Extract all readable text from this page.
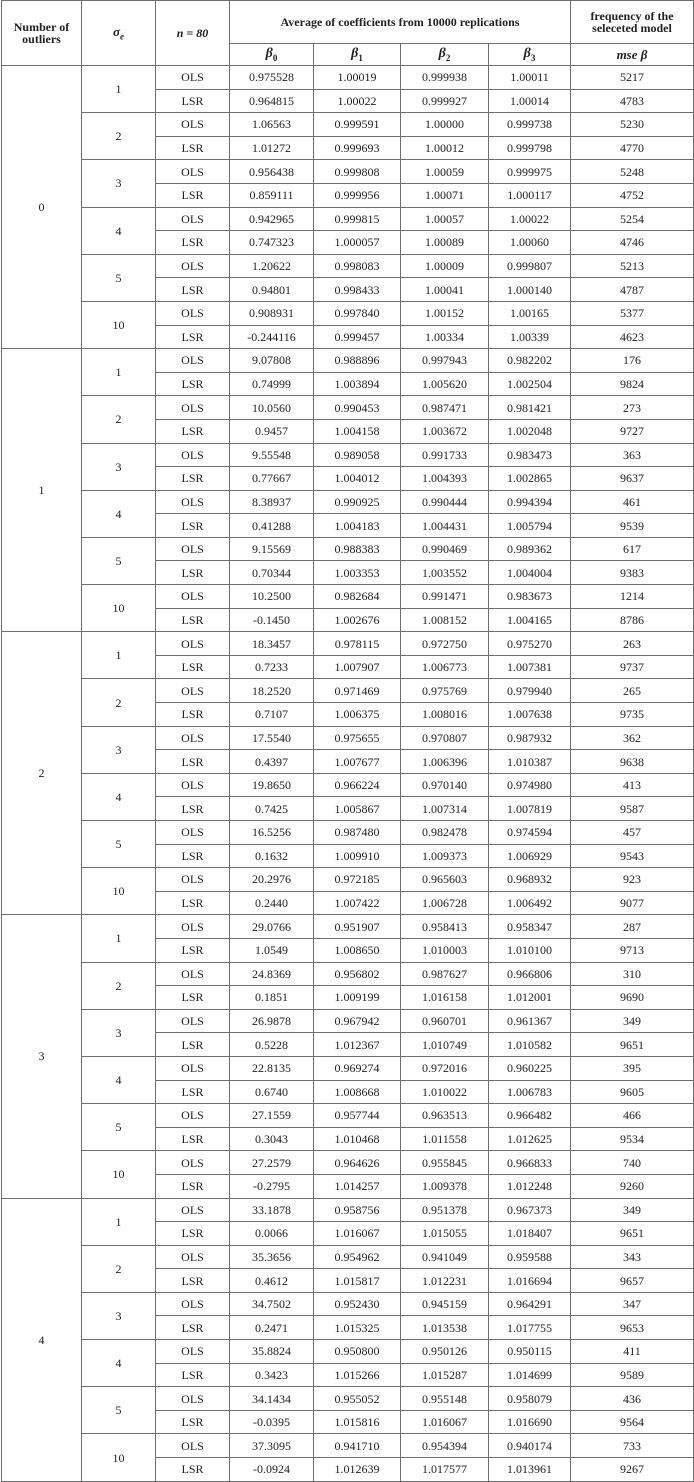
Number of outliers	$\sigma_e$	n = 80	Average of coefficients from 10000 replications				frequency of the seleceted model
			$\beta_0$	$\beta_1$	$\beta_2$	$\beta_3$	mse β
0	1	OLS	0.975528	1.00019	0.999938	1.00011	5217
		LSR	0.964815	1.00022	0.999927	1.00014	4783
	2	OLS	1.06563	0.999591	1.00000	0.999738	5230
		LSR	1.01272	0.999693	1.00012	0.999798	4770
	3	OLS	0.956438	0.999808	1.00059	0.999975	5248
		LSR	0.859111	0.999956	1.00071	1.000117	4752
	4	OLS	0.942965	0.999815	1.00057	1.00022	5254
		LSR	0.747323	1.000057	1.00089	1.00060	4746
	5	OLS	1.20622	0.998083	1.00009	0.999807	5213
		LSR	0.94801	0.998433	1.00041	1.000140	4787
	10	OLS	0.908931	0.997840	1.00152	1.00165	5377
		LSR	-0.244116	0.999457	1.00334	1.00339	4623
1	1	OLS	9.07808	0.988896	0.997943	0.982202	176
		LSR	0.74999	1.003894	1.005620	1.002504	9824
	2	OLS	10.0560	0.990453	0.987471	0.981421	273
		LSR	0.9457	1.004158	1.003672	1.002048	9727
	3	OLS	9.55548	0.989058	0.991733	0.983473	363
		LSR	0.77667	1.004012	1.004393	1.002865	9637
	4	OLS	8.38937	0.990925	0.990444	0.994394	461
		LSR	0.41288	1.004183	1.004431	1.005794	9539
	5	OLS	9.15569	0.988383	0.990469	0.989362	617
		LSR	0.70344	1.003353	1.003552	1.004004	9383
	10	OLS	10.2500	0.982684	0.991471	0.983673	1214
		LSR	-0.1450	1.002676	1.008152	1.004165	8786
2	1	OLS	18.3457	0.978115	0.972750	0.975270	263
		LSR	0.7233	1.007907	1.006773	1.007381	9737
	2	OLS	18.2520	0.971469	0.975769	0.979940	265
		LSR	0.7107	1.006375	1.008016	1.007638	9735
	3	OLS	17.5540	0.975655	0.970807	0.987932	362
		LSR	0.4397	1.007677	1.006396	1.010387	9638
	4	OLS	19.8650	0.966224	0.970140	0.974980	413
		LSR	0.7425	1.005867	1.007314	1.007819	9587
	5	OLS	16.5256	0.987480	0.982478	0.974594	457
		LSR	0.1632	1.009910	1.009373	1.006929	9543
	10	OLS	20.2976	0.972185	0.965603	0.968932	923
		LSR	0.2440	1.007422	1.006728	1.006492	9077
3	1	OLS	29.0766	0.951907	0.958413	0.958347	287
		LSR	1.0549	1.008650	1.010003	1.010100	9713
	2	OLS	24.8369	0.956802	0.987627	0.966806	310
		LSR	0.1851	1.009199	1.016158	1.012001	9690
	3	OLS	26.9878	0.967942	0.960701	0.961367	349
		LSR	0.5228	1.012367	1.010749	1.010582	9651
	4	OLS	22.8135	0.969274	0.972016	0.960225	395
		LSR	0.6740	1.008668	1.010022	1.006783	9605
	5	OLS	27.1559	0.957744	0.963513	0.966482	466
		LSR	0.3043	1.010468	1.011558	1.012625	9534
	10	OLS	27.2579	0.964626	0.955845	0.966833	740
		LSR	-0.2795	1.014257	1.009378	1.012248	9260
4	1	OLS	33.1878	0.958756	0.951378	0.967373	349
		LSR	0.0066	1.016067	1.015055	1.018407	9651
	2	OLS	35.3656	0.954962	0.941049	0.959588	343
		LSR	0.4612	1.015817	1.012231	1.016694	9657
	3	OLS	34.7502	0.952430	0.945159	0.964291	347
		LSR	0.2471	1.015325	1.013538	1.017755	9653
	4	OLS	35.8824	0.950800	0.950126	0.950115	411
		LSR	0.3423	1.015266	1.015287	1.014699	9589
	5	OLS	34.1434	0.955052	0.955148	0.958079	436
		LSR	-0.0395	1.015816	1.016067	1.016690	9564
	10	OLS	37.3095	0.941710	0.954394	0.940174	733
		LSR	-0.0924	1.012639	1.017577	1.013961	9267
